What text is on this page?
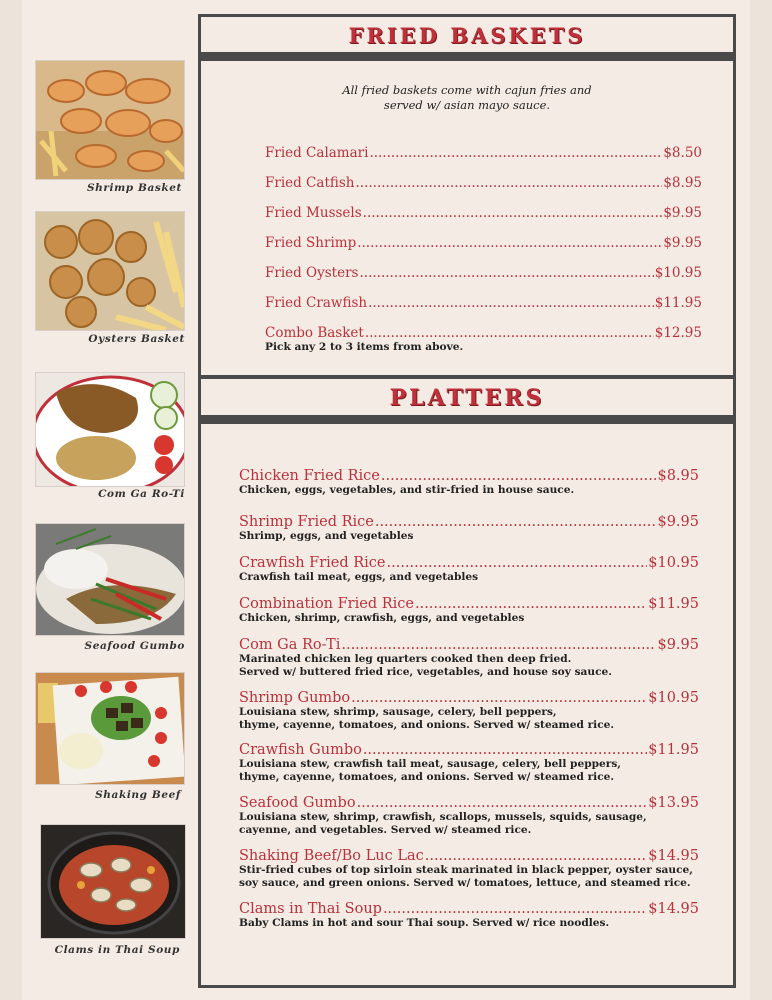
Shrimp Basket
Oysters Basket
Com Ga Ro-Ti
Seafood Gumbo
Shaking Beef
Clams in Thai Soup
FRIED BASKETS
All fried baskets come with cajun fries and
served w/ asian mayo sauce.
Fried Calamari .....	$8.50
Fried Catfish .....	$8.95
Fried Mussels .....	$9.95
Fried Shrimp .....	$9.95
Fried Oysters .....	$10.95
Fried Crawfish .....	$11.95
Combo Basket .....	$12.95
Pick any 2 to 3 items from above.
PLATTERS
Chicken Fried Rice .....	$8.95
Chicken, eggs, vegetables, and stir-fried in house sauce.
Shrimp Fried Rice .....	$9.95
Shrimp, eggs, and vegetables
Crawfish Fried Rice .....	$10.95
Crawfish tail meat, eggs, and vegetables
Combination Fried Rice .....	$11.95
Chicken, shrimp, crawfish, eggs, and vegetables
Com Ga Ro-Ti .....	$9.95
Marinated chicken leg quarters cooked then deep fried.
Served w/ buttered fried rice, vegetables, and house soy sauce.
Shrimp Gumbo .....	$10.95
Louisiana stew, shrimp, sausage, celery, bell peppers,
thyme, cayenne, tomatoes, and onions. Served w/ steamed rice.
Crawfish Gumbo .....	$11.95
Louisiana stew, crawfish tail meat, sausage, celery, bell peppers,
thyme, cayenne, tomatoes, and onions. Served w/ steamed rice.
Seafood Gumbo .....	$13.95
Louisiana stew, shrimp, crawfish, scallops, mussels, squids, sausage,
cayenne, and vegetables. Served w/ steamed rice.
Shaking Beef/Bo Luc Lac .....	$14.95
Stir-fried cubes of top sirloin steak marinated in black pepper, oyster sauce,
soy sauce, and green onions. Served w/ tomatoes, lettuce, and steamed rice.
Clams in Thai Soup .....	$14.95
Baby Clams in hot and sour Thai soup. Served w/ rice noodles.
